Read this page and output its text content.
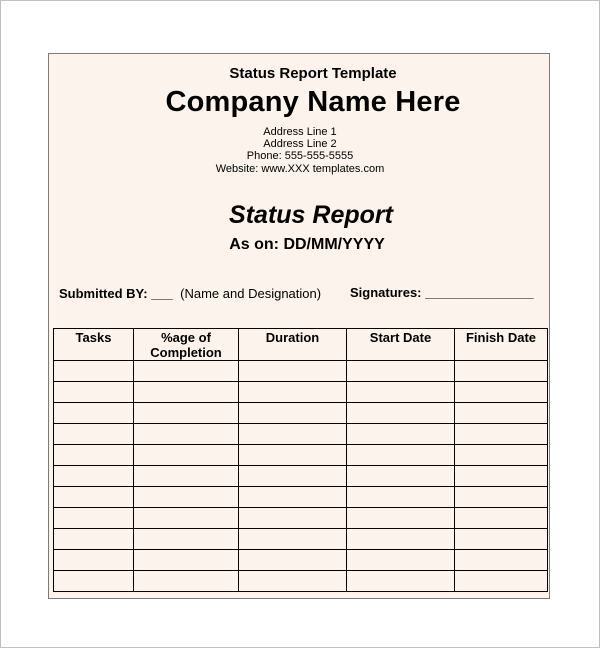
Status Report Template
Company Name Here
Address Line 1
Address Line 2
Phone: 555-555-5555
Website: www.XXX templates.com
Status Report
As on: DD/MM/YYYY
Submitted BY: ___ (Name and Designation) Signatures: _______________
Tasks	%age of Completion	Duration	Start Date	Finish Date
